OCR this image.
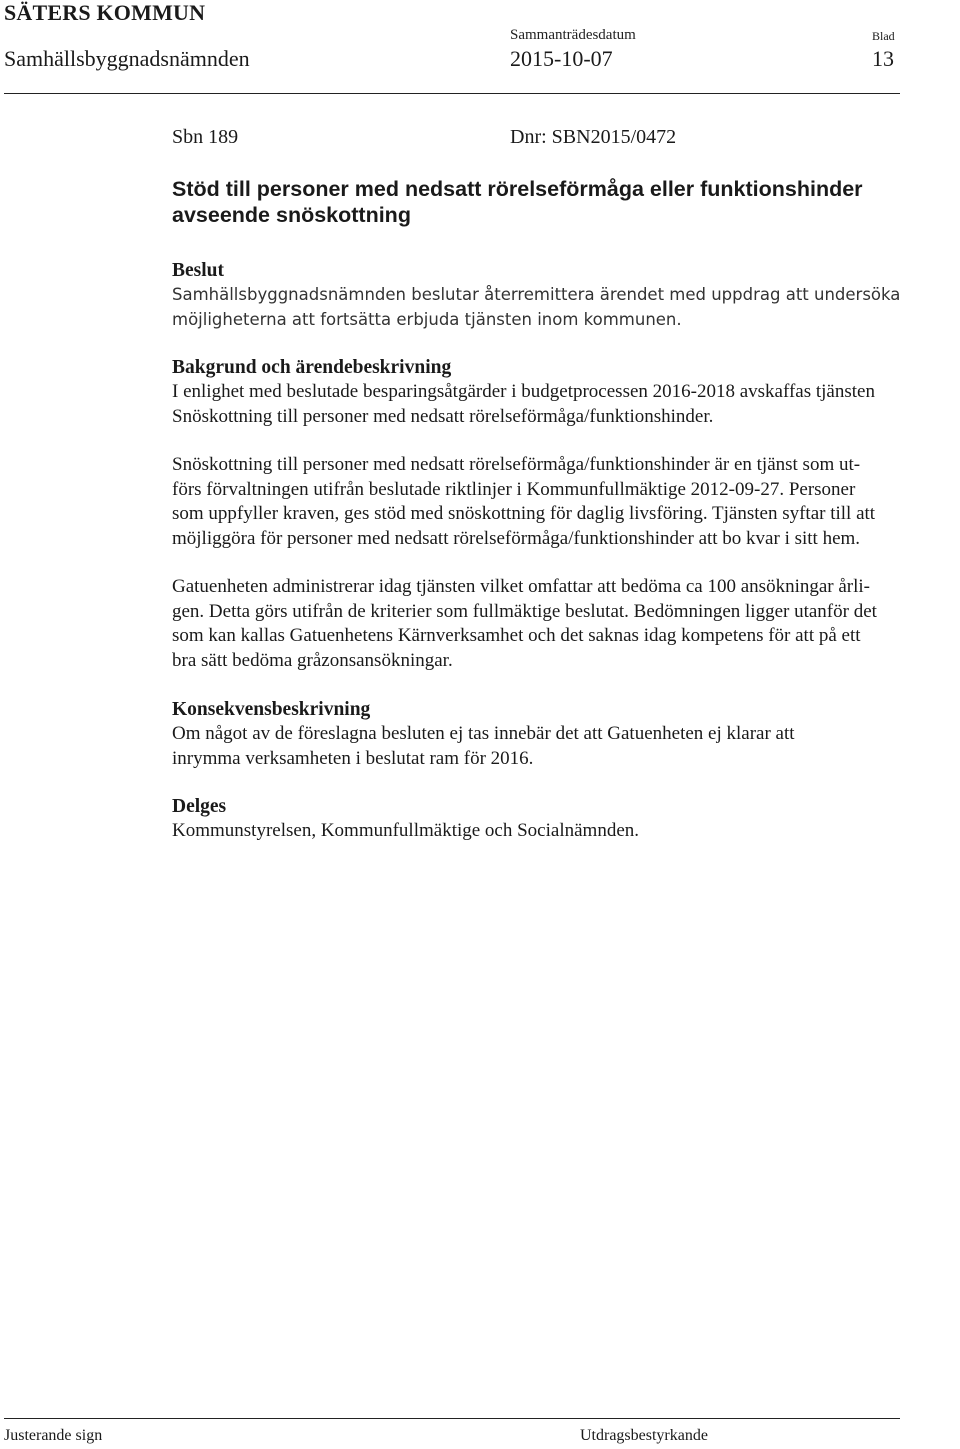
SÄTERS KOMMUN
Samhällsbyggnadsnämnden
Sammanträdesdatum
2015-10-07
Blad
13
Sbn 189	Dnr: SBN2015/0472
Stöd till personer med nedsatt rörelseförmåga eller funktionshinder
avseende snöskottning
Beslut
Samhällsbyggnadsnämnden beslutar återremittera ärendet med uppdrag att undersöka
möjligheterna att fortsätta erbjuda tjänsten inom kommunen.
Bakgrund och ärendebeskrivning
I enlighet med beslutade besparingsåtgärder i budgetprocessen 2016-2018 avskaffas tjänsten
Snöskottning till personer med nedsatt rörelseförmåga/funktionshinder.
Snöskottning till personer med nedsatt rörelseförmåga/funktionshinder är en tjänst som ut-
förs förvaltningen utifrån beslutade riktlinjer i Kommunfullmäktige 2012-09-27. Personer
som uppfyller kraven, ges stöd med snöskottning för daglig livsföring. Tjänsten syftar till att
möjliggöra för personer med nedsatt rörelseförmåga/funktionshinder att bo kvar i sitt hem.
Gatuenheten administrerar idag tjänsten vilket omfattar att bedöma ca 100 ansökningar årli-
gen. Detta görs utifrån de kriterier som fullmäktige beslutat. Bedömningen ligger utanför det
som kan kallas Gatuenhetens Kärnverksamhet och det saknas idag kompetens för att på ett
bra sätt bedöma gråzonsansökningar.
Konsekvensbeskrivning
Om något av de föreslagna besluten ej tas innebär det att Gatuenheten ej klarar att
inrymma verksamheten i beslutat ram för 2016.
Delges
Kommunstyrelsen, Kommunfullmäktige och Socialnämnden.
Justerande sign	Utdragsbestyrkande
